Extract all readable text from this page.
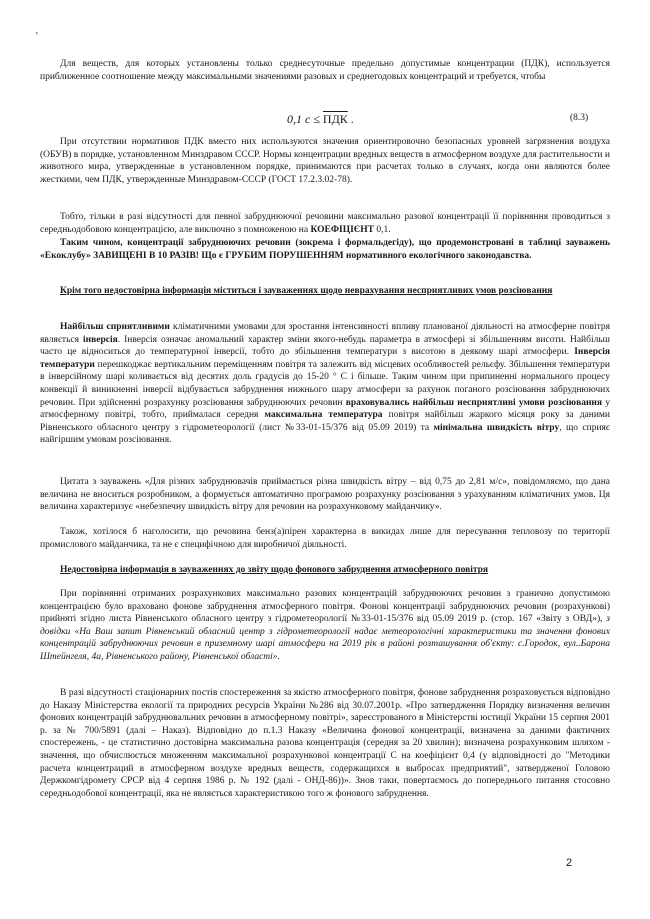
'
Для веществ, для которых установлены только среднесуточные предельно допустимые концентрации (ПДК), используется приближенное соотношение между максимальными значениями разовых и среднегодовых концентраций и требуется, чтобы
0,1 c ≤ ПДК .	(8.3)
При отсутствии нормативов ПДК вместо них используются значения ориентировочно безопасных уровней загрязнения воздуха (ОБУВ) в порядке, установленном Минздравом СССР. Нормы концентрации вредных веществ в атмосферном воздухе для растительности и животного мира, утвержденные в установленном порядке, принимаются при расчетах только в случаях, когда они являются более жесткими, чем ПДК, утвержденные Минздравом-СССР (ГОСТ 17.2.3.02-78).
Тобто, тільки в разі відсутності для певної забруднюючої речовини максимально разової концентрації її порівняння проводиться з середньодобовою концентрацією, але виключно з помноженою на КОЕФІЦІЄНТ 0,1.
Таким чином, концентрації забруднюючих речовин (зокрема і формальдегіду), що продемонстровані в таблиці зауважень «Екоклубу» ЗАВИЩЕНІ В 10 РАЗІВ! Що є ГРУБИМ ПОРУШЕННЯМ нормативного екологічного законодавства.
Крім того недостовірна інформація міститься і зауваженнях щодо неврахування несприятливих умов розсіювання
Найбільш сприятливими кліматичними умовами для зростання інтенсивності впливу планованої діяльності на атмосферне повітря являється інверсія. Інверсія означає аномальний характер зміни якого-небудь параметра в атмосфері зі збільшенням висоти. Найбільш часто це відноситься до температурної інверсії, тобто до збільшення температури з висотою в деякому шарі атмосфери. Інверсія температури перешкоджає вертикальним переміщенням повітря та залежить від місцевих особливостей рельєфу. Збільшення температури в інверсійному шарі коливається від десятих доль градусів до 15-20 ° С і більше. Таким чином при припиненні нормального процесу конвекції й виникненні інверсії відбувається забруднення нижнього шару атмосфери за рахунок поганого розсіювання забруднюючих речовин. При здійсненні розрахунку розсіювання забруднюючих речовин враховувались найбільш несприятливі умови розсіювання у атмосферному повітрі, тобто, приймалася середня максимальна температура повітря найбільш жаркого місяця року за даними Рівненського обласного центру з гідрометеорології (лист №33-01-15/376 від 05.09 2019) та мінімальна швидкість вітру, що сприяє найгіршим умовам розсіювання.
Цитата з зауважень «Для різних забруднювачів приймається різна швидкість вітру – від 0,75 до 2,81 м/с», повідомляємо, що дана величина не вноситься розробником, а формується автоматично програмою розрахунку розсіювання з урахуванням кліматичних умов. Ця величина характеризує «небезпечну швидкість вітру для речовин на розрахунковому майданчику».
Також, хотілося б наголосити, що речовина бенз(а)пірен характерна в викидах лише для пересування тепловозу по території промислового майданчика, та не є специфічною для виробничої діяльності.
Недостовірна інформація в зауваженнях до звіту щодо фонового забруднення атмосферного повітря
При порівнянні отриманих розрахункових максимально разових концентрацій забруднюючих речовин з гранично допустимою концентрацією було враховано фонове забруднення атмосферного повітря. Фонові концентрації забруднюючих речовин (розрахункові) прийняті згідно листа Рівненського обласного центру з гідрометеорології №33-01-15/376 від 05.09 2019 р. (стор. 167 «Звіту з ОВД»), з довідки «На Ваш запит Рівненський обласний центр з гідрометеорології надає метеорологічні характеристики та значення фонових концентрацій забруднюючих речовин в приземному шарі атмосфери на 2019 рік в районі розташування об'єкту: с.Городок, вул..Барона Штейнгеля, 4а, Рівненського району, Рівненської області».
В разі відсутності стаціонарних постів спостереження за якістю атмосферного повітря, фонове забруднення розраховується відповідно до Наказу Міністерства екології та природних ресурсів України №286 від 30.07.2001р. «Про затвердження Порядку визначення величин фонових концентрацій забруднювальних речовин в атмосферному повітрі», зареєстрованого в Міністерстві юстиції України 15 серпня 2001 р. за № 700/5891 (далі – Наказ). Відповідно до п.1.3 Наказу «Величина фонової концентрації, визначена за даними фактичних спостережень, - це статистично достовірна максимальна разова концентрація (середня за 20 хвилин); визначена розрахунковим шляхом - значення, що обчислюється множенням максимальної розрахункової концентрації С на коефіцієнт 0,4 (у відповідності до "Методики расчета концентраций в атмосферном воздухе вредных веществ, содержащихся в выбросах предприятий", затвердженої Головою Держкомгідромету СРСР від 4 серпня 1986 р. № 192 (далі - ОНД-86))». Знов таки, повертаємось до попереднього питання стосовно середньодобової концентрації, яка не являється характеристикою того ж фонового забруднення.
2
